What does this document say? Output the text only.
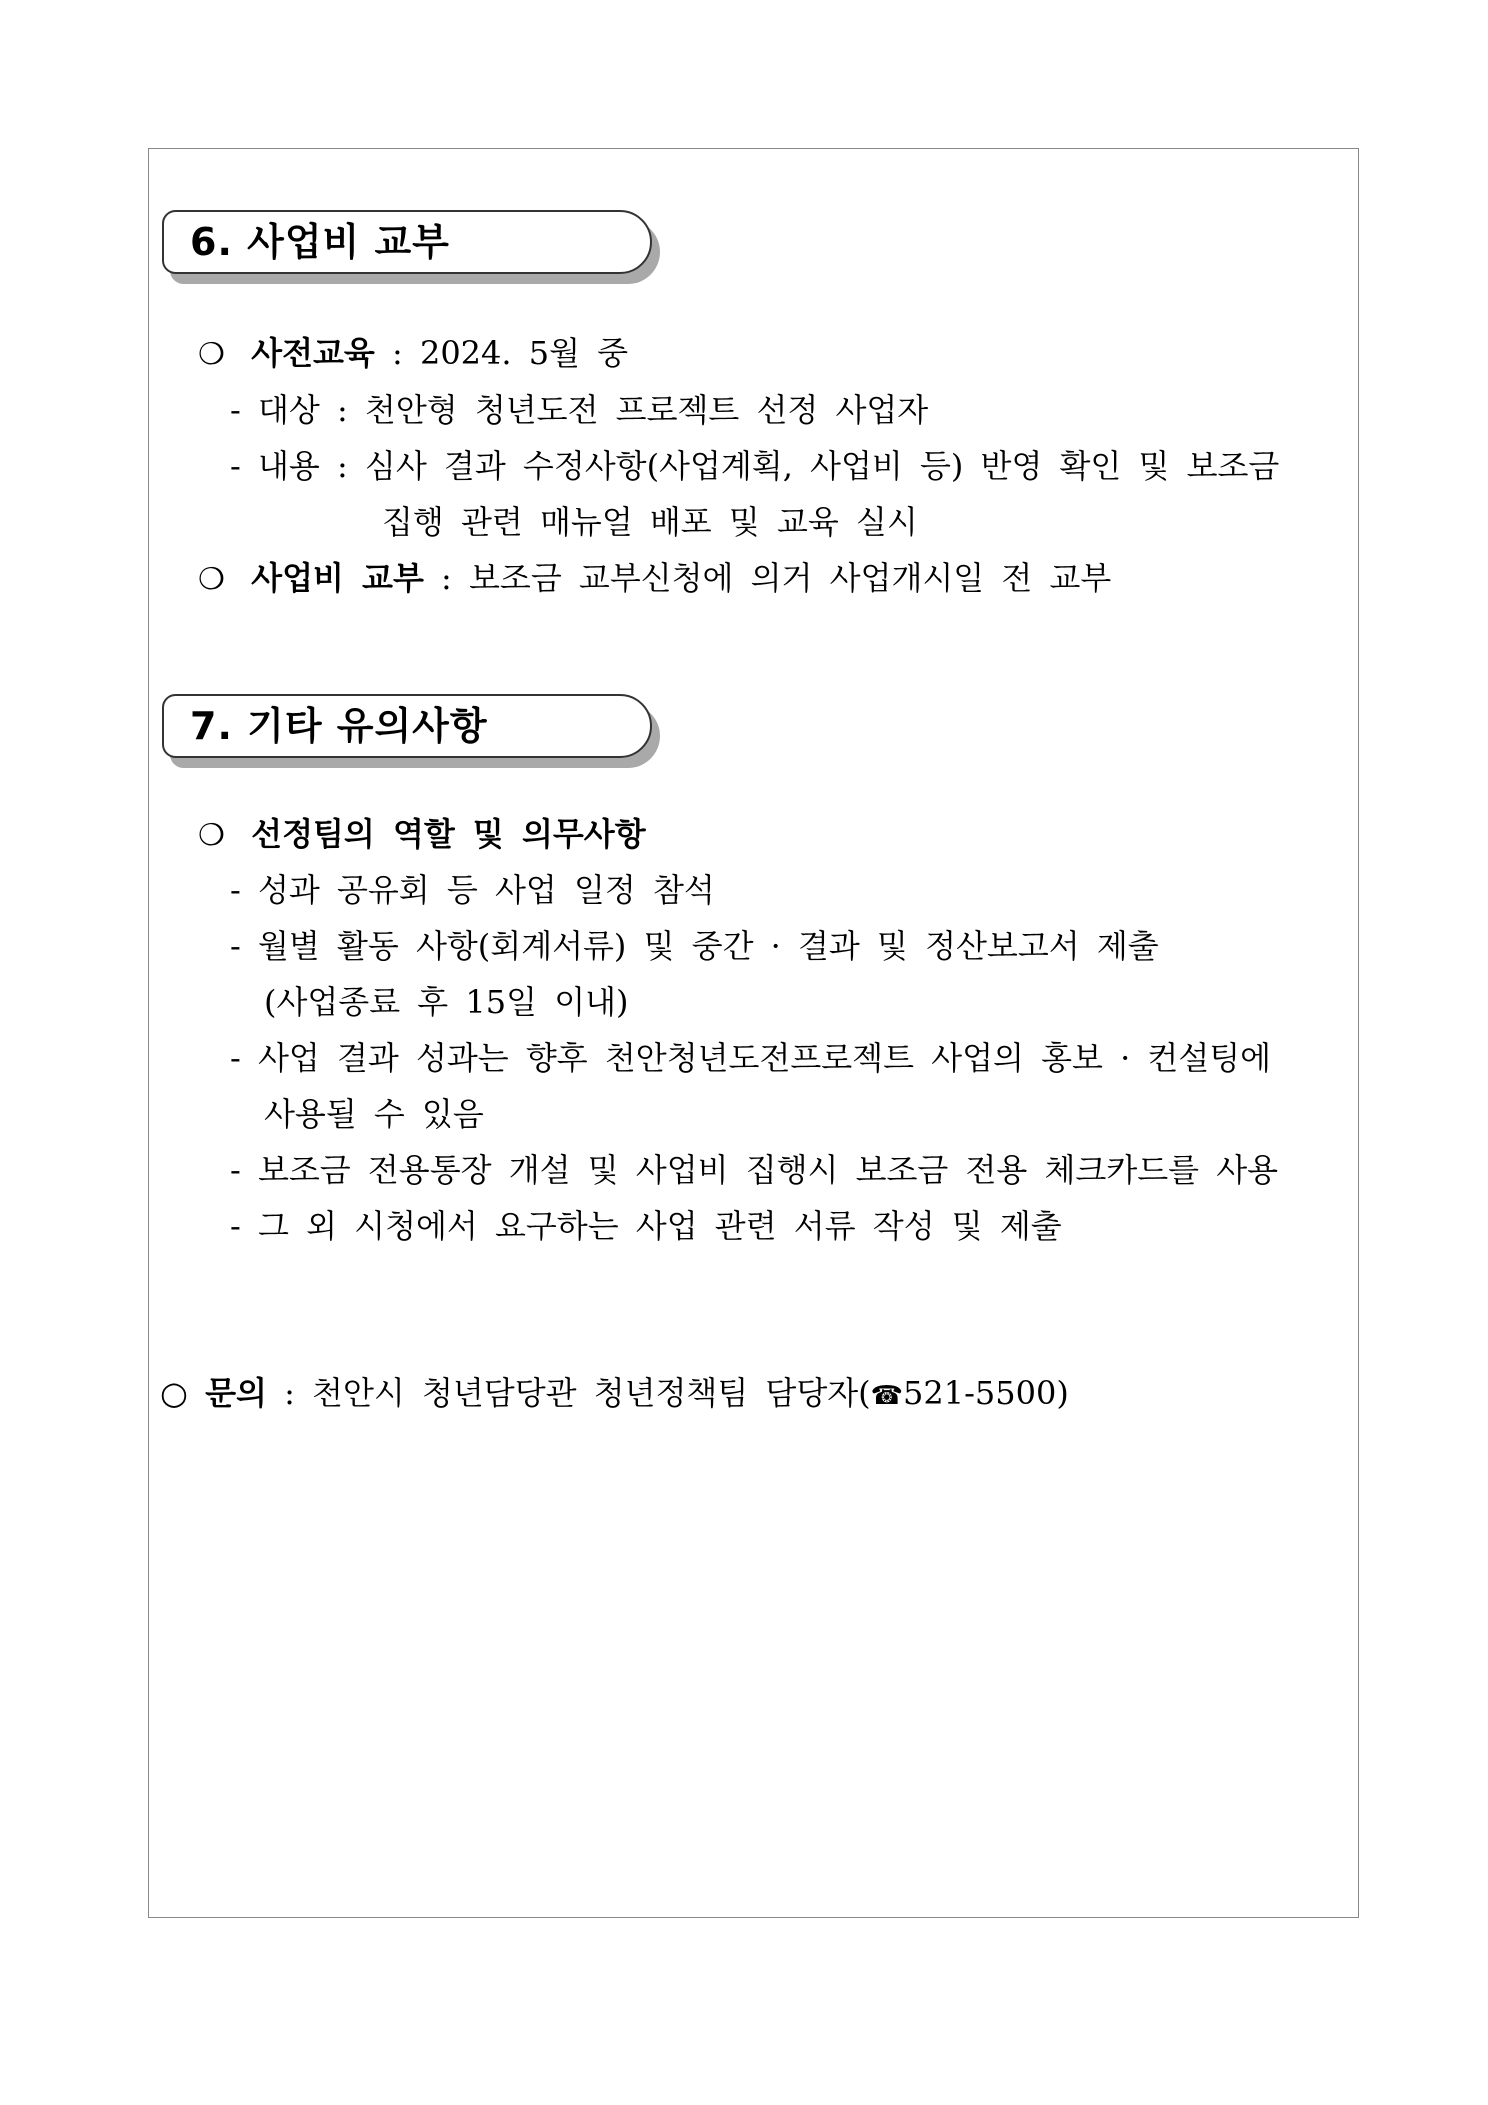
6. 사업비 교부
❍ 사전교육 : 2024. 5월 중
- 대상 : 천안형 청년도전 프로젝트 선정 사업자
- 내용 : 심사 결과 수정사항(사업계획, 사업비 등) 반영 확인 및 보조금
집행 관련 매뉴얼 배포 및 교육 실시
❍ 사업비 교부 : 보조금 교부신청에 의거 사업개시일 전 교부
7. 기타 유의사항
❍ 선정팀의 역할 및 의무사항
- 성과 공유회 등 사업 일정 참석
- 월별 활동 사항(회계서류) 및 중간 · 결과 및 정산보고서 제출
(사업종료 후 15일 이내)
- 사업 결과 성과는 향후 천안청년도전프로젝트 사업의 홍보 · 컨설팅에
사용될 수 있음
- 보조금 전용통장 개설 및 사업비 집행시 보조금 전용 체크카드를 사용
- 그 외 시청에서 요구하는 사업 관련 서류 작성 및 제출
○ 문의 : 천안시 청년담당관 청년정책팀 담당자(☎521-5500)
